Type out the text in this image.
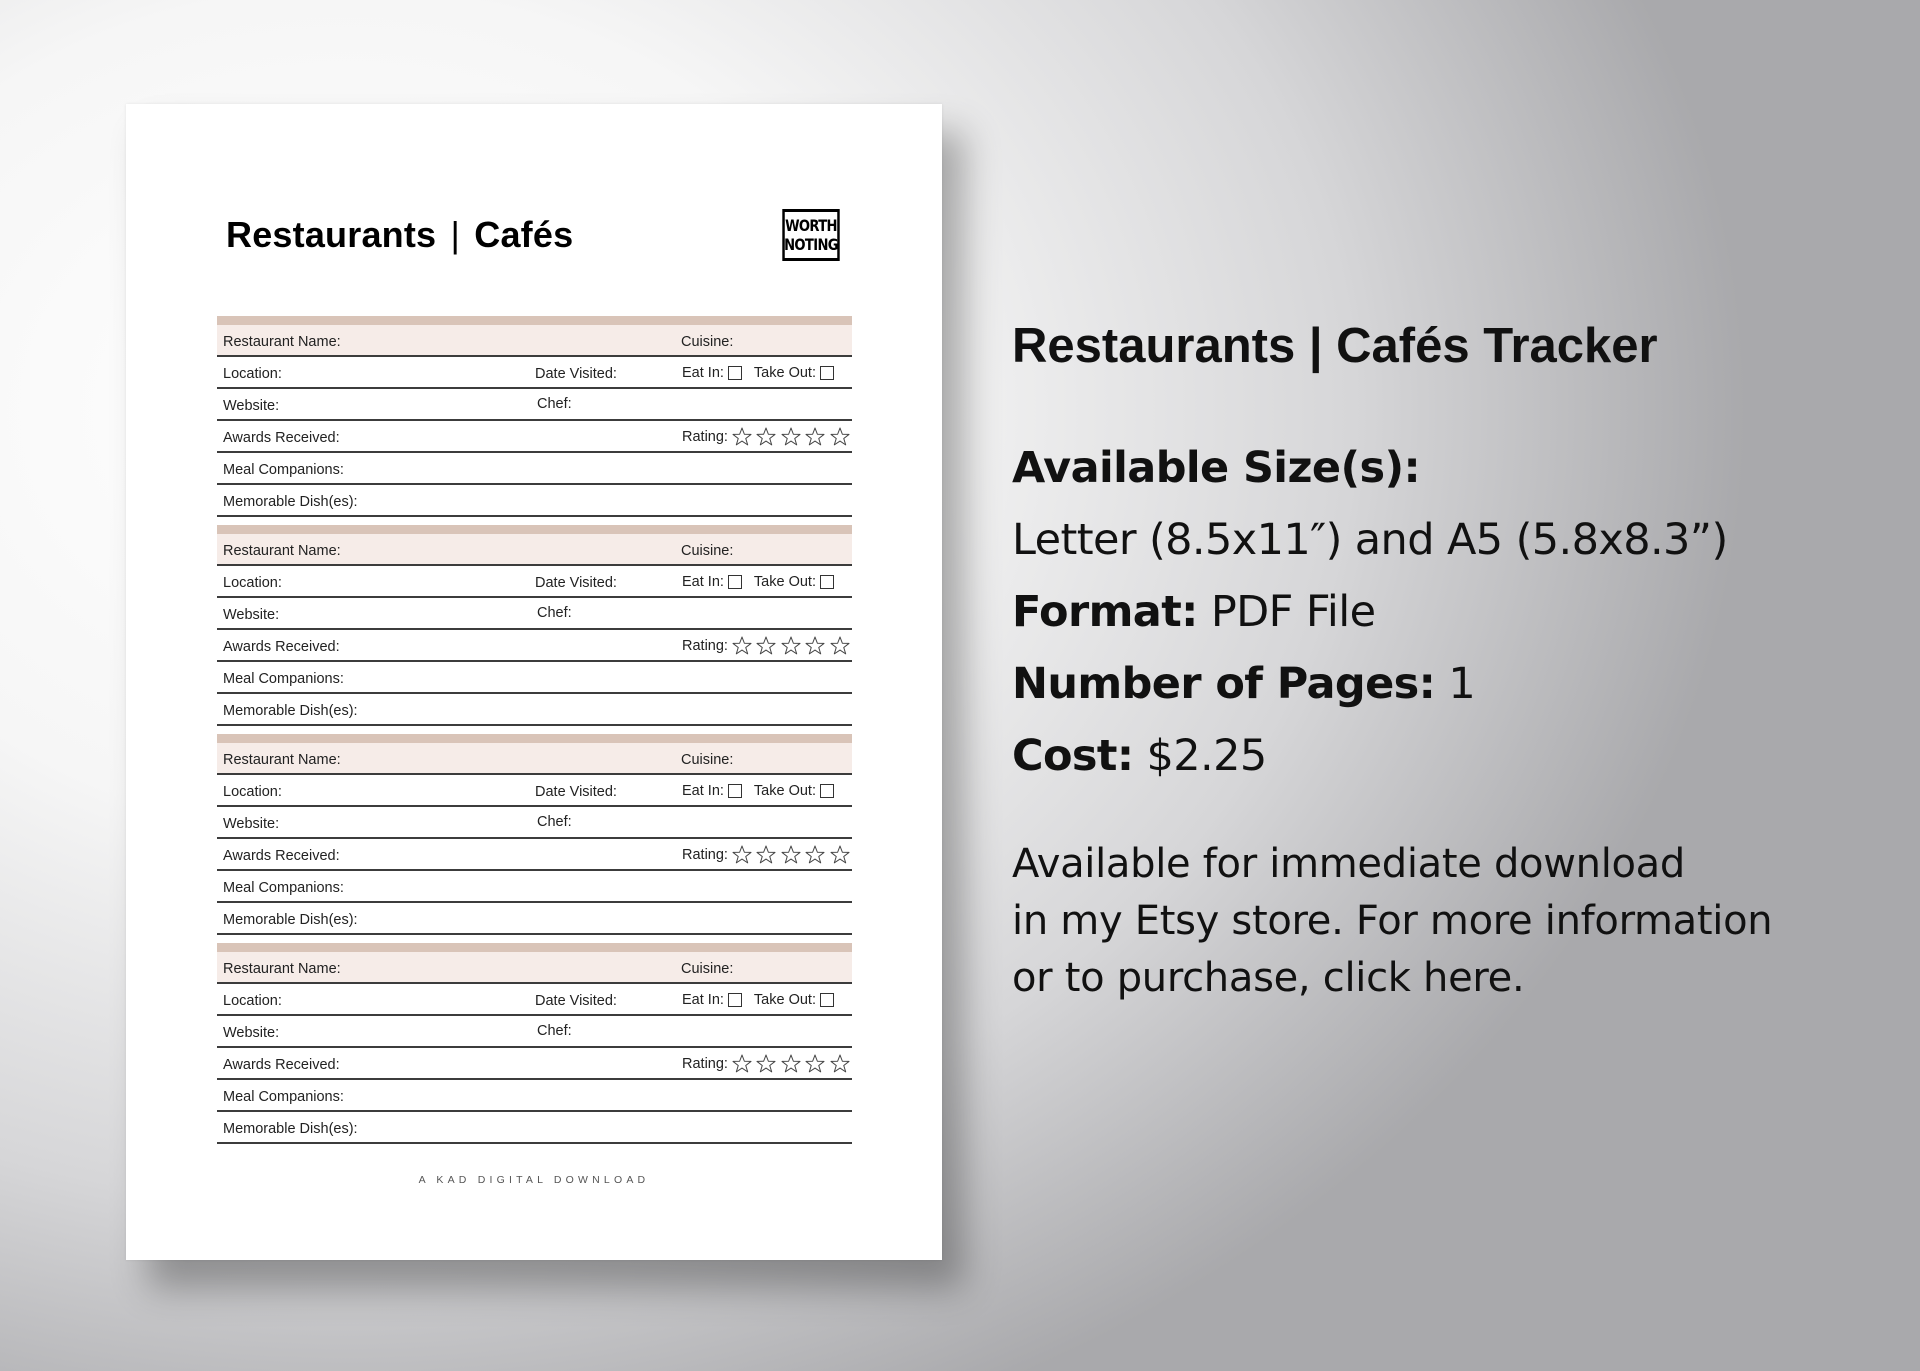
Restaurants | Cafés	WORTH
NOTING
Restaurant Name:	Cuisine:
Location:	Date Visited:	Eat In: Take Out:
Website:	Chef:
Awards Received:	Rating:
Meal Companions:
Memorable Dish(es):
Restaurant Name:	Cuisine:
Location:	Date Visited:	Eat In: Take Out:
Website:	Chef:
Awards Received:	Rating:
Meal Companions:
Memorable Dish(es):
Restaurant Name:	Cuisine:
Location:	Date Visited:	Eat In: Take Out:
Website:	Chef:
Awards Received:	Rating:
Meal Companions:
Memorable Dish(es):
Restaurant Name:	Cuisine:
Location:	Date Visited:	Eat In: Take Out:
Website:	Chef:
Awards Received:	Rating:
Meal Companions:
Memorable Dish(es):
A KAD DIGITAL DOWNLOAD
Restaurants | Cafés Tracker
Available Size(s):
Letter (8.5x11″) and A5 (5.8x8.3”)
Format: PDF File
Number of Pages: 1
Cost: $2.25
Available for immediate download
in my Etsy store. For more information
or to purchase, click here.
